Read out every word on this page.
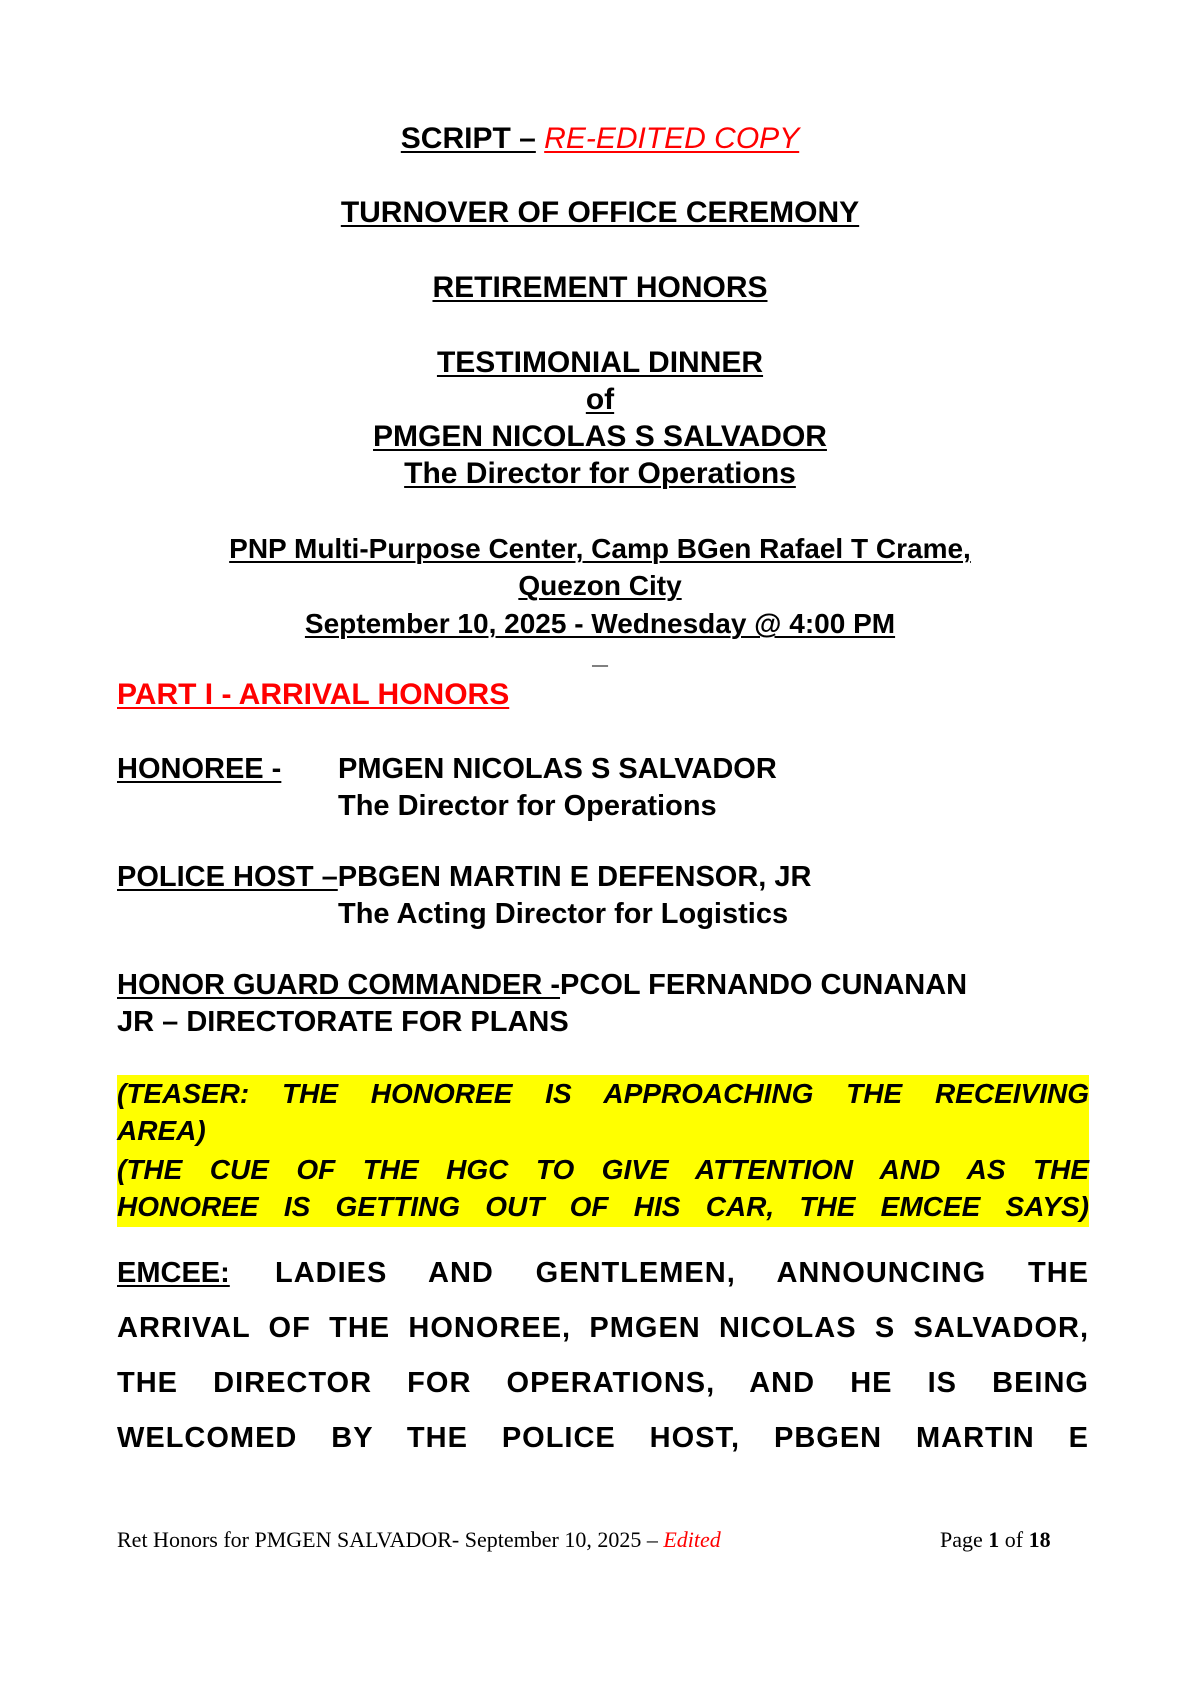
SCRIPT – RE-EDITED COPY
TURNOVER OF OFFICE CEREMONY
RETIREMENT HONORS
TESTIMONIAL DINNER
of
PMGEN NICOLAS S SALVADOR
The Director for Operations
PNP Multi-Purpose Center, Camp BGen Rafael T Crame,
Quezon City
September 10, 2025 - Wednesday @ 4:00 PM
_
PART I - ARRIVAL HONORS
HONOREE - PMGEN NICOLAS S SALVADOR
The Director for Operations
POLICE HOST –PBGEN MARTIN E DEFENSOR, JR
The Acting Director for Logistics
HONOR GUARD COMMANDER -PCOL FERNANDO CUNANAN
JR – DIRECTORATE FOR PLANS
(TEASER: THE HONOREE IS APPROACHING THE RECEIVING
AREA)
(THE CUE OF THE HGC TO GIVE ATTENTION AND AS THE
HONOREE IS GETTING OUT OF HIS CAR, THE EMCEE SAYS)
EMCEE: LADIES AND GENTLEMEN, ANNOUNCING THE
ARRIVAL OF THE HONOREE, PMGEN NICOLAS S SALVADOR,
THE DIRECTOR FOR OPERATIONS, AND HE IS BEING
WELCOMED BY THE POLICE HOST, PBGEN MARTIN E
Ret Honors for PMGEN SALVADOR- September 10, 2025 – Edited	Page 1 of 18
